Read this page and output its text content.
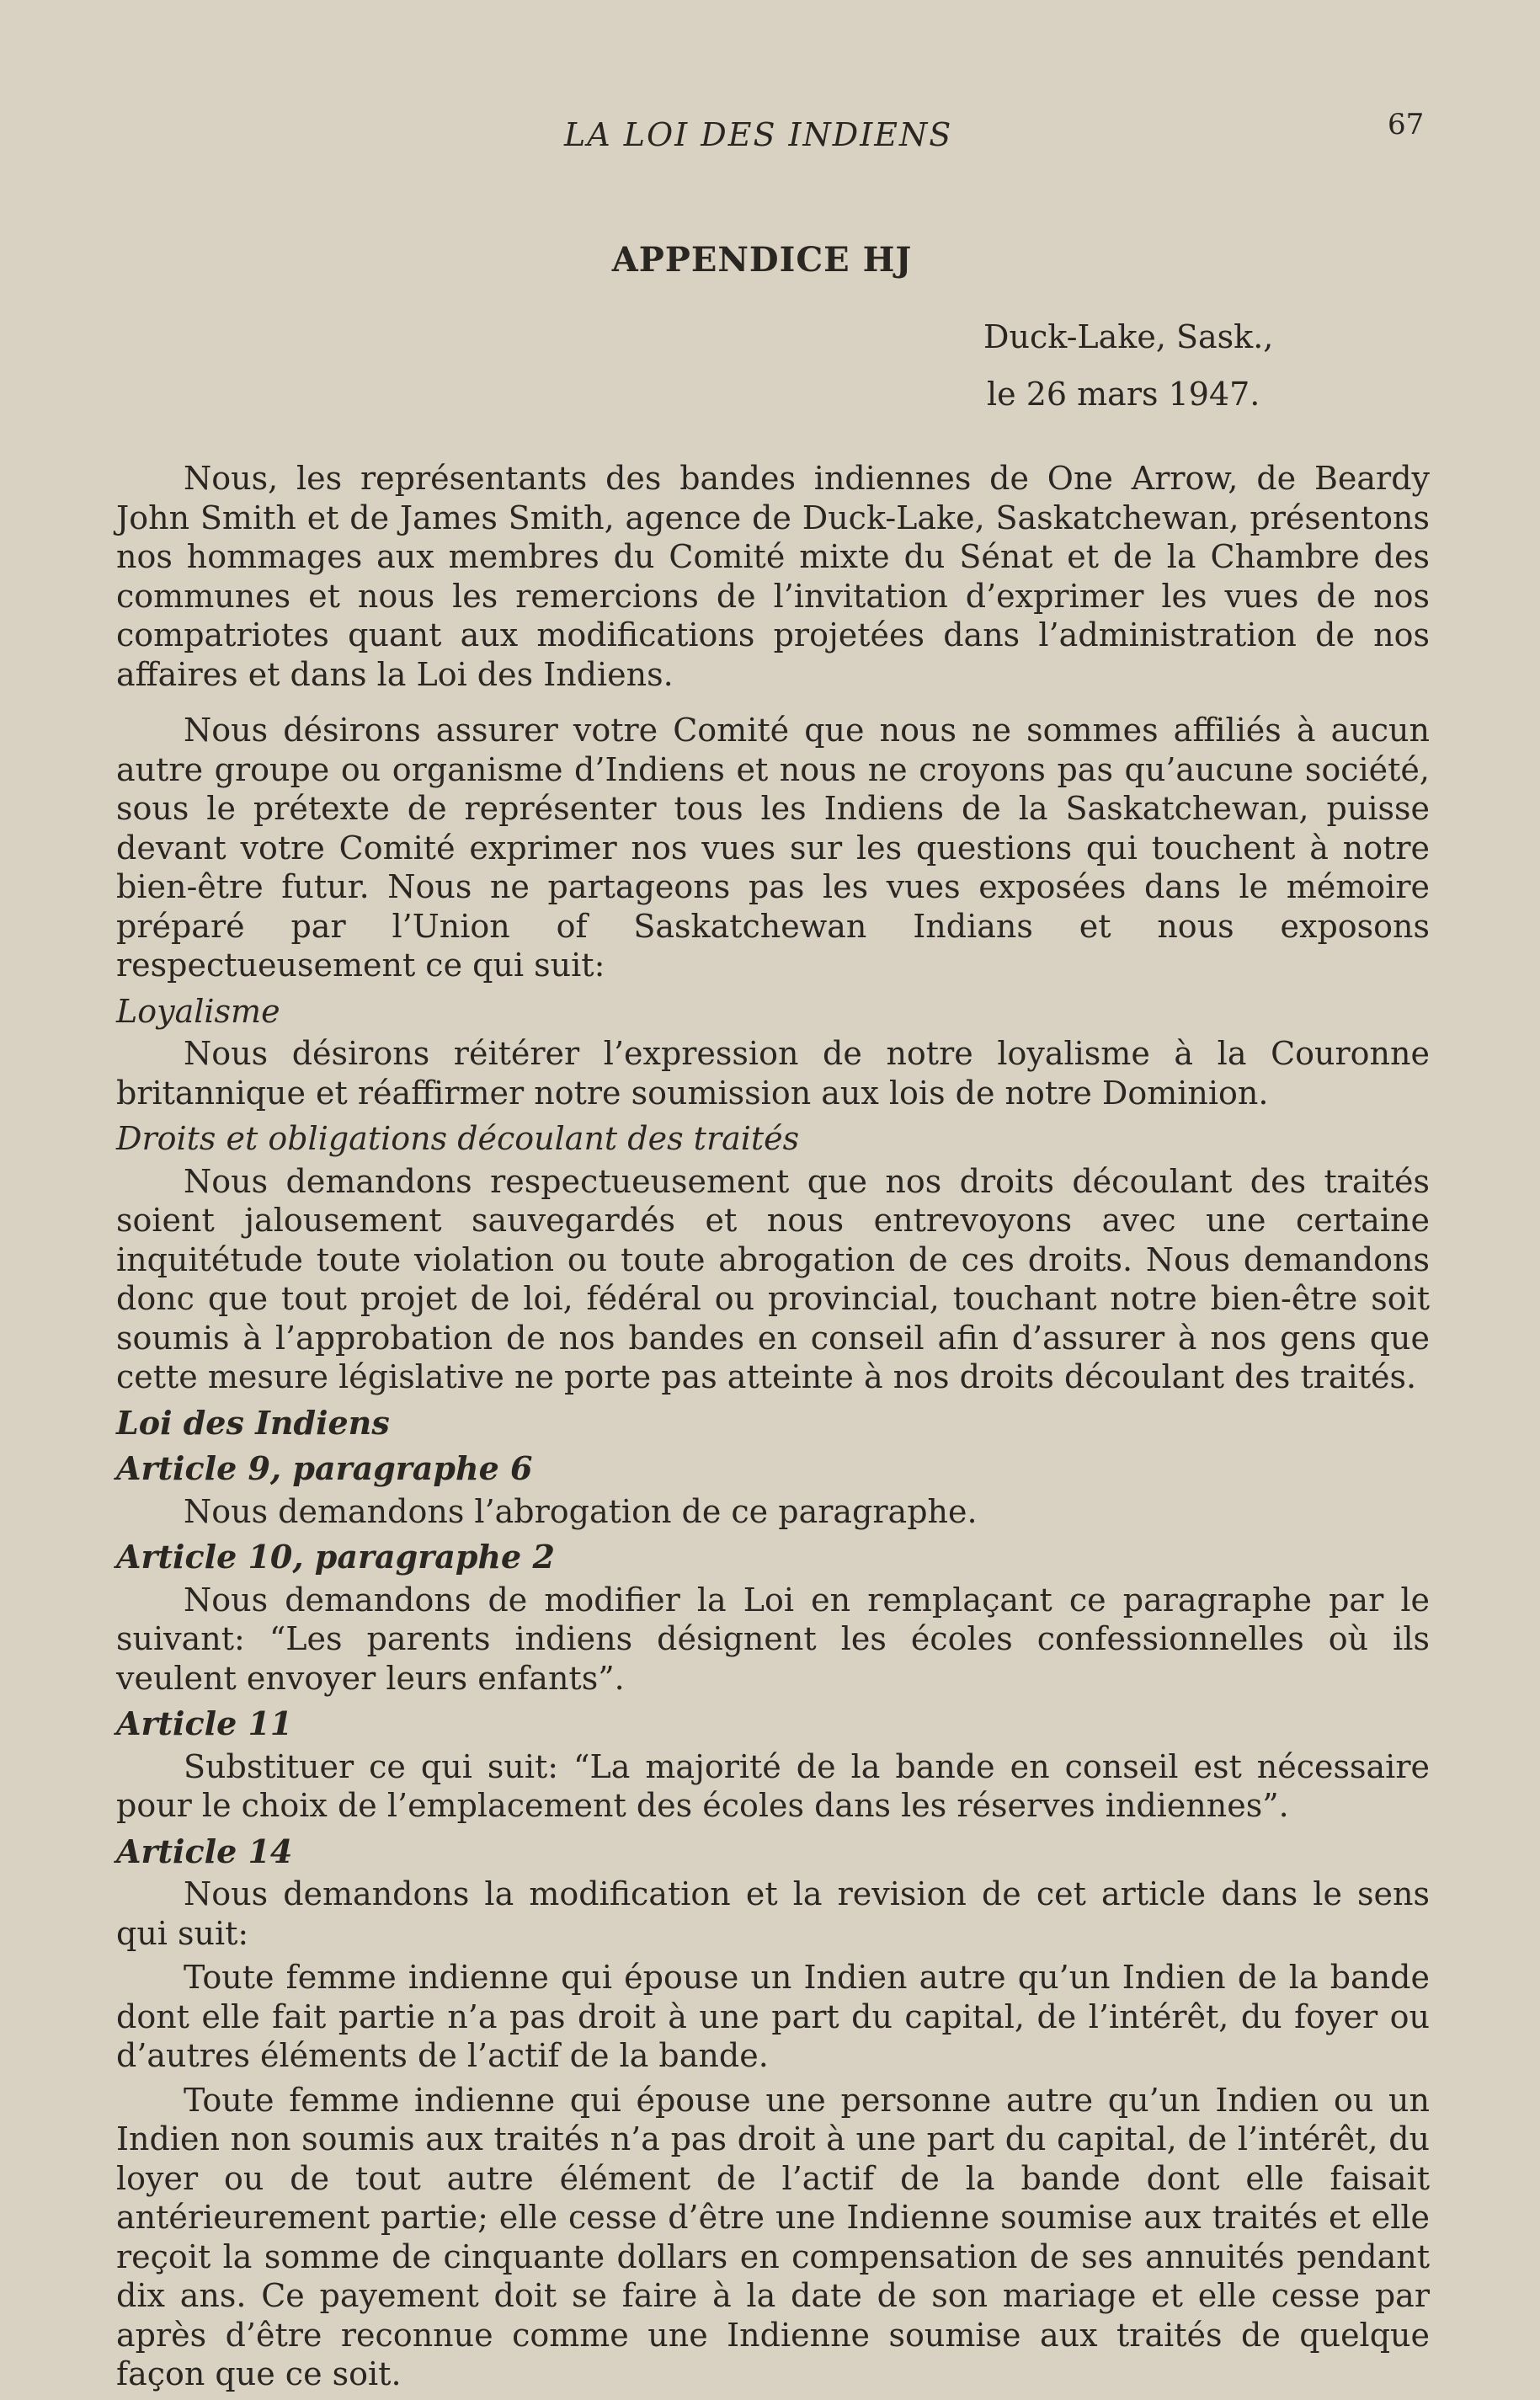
LA LOI DES INDIENS	67
APPENDICE HJ
Duck-Lake, Sask.,
le 26 mars 1947.

Nous, les représentants des bandes indiennes de One Arrow, de Beardy John Smith et de James Smith, agence de Duck-Lake, Saskatchewan, présentons nos hommages aux membres du Comité mixte du Sénat et de la Chambre des communes et nous les remercions de l’invitation d’exprimer les vues de nos compatriotes quant aux modifications projetées dans l’administration de nos affaires et dans la Loi des Indiens.

Nous désirons assurer votre Comité que nous ne sommes affiliés à aucun autre groupe ou organisme d’Indiens et nous ne croyons pas qu’aucune société, sous le prétexte de représenter tous les Indiens de la Saskatchewan, puisse devant votre Comité exprimer nos vues sur les questions qui touchent à notre bien-être futur. Nous ne partageons pas les vues exposées dans le mémoire préparé par l’Union of Saskatchewan Indians et nous exposons respectueusement ce qui suit:

Loyalisme

Nous désirons réitérer l’expression de notre loyalisme à la Couronne britannique et réaffirmer notre soumission aux lois de notre Dominion.

Droits et obligations découlant des traités

Nous demandons respectueusement que nos droits découlant des traités soient jalousement sauvegardés et nous entrevoyons avec une certaine inquitétude toute violation ou toute abrogation de ces droits. Nous demandons donc que tout projet de loi, fédéral ou provincial, touchant notre bien-être soit soumis à l’approbation de nos bandes en conseil afin d’assurer à nos gens que cette mesure législative ne porte pas atteinte à nos droits découlant des traités.

Loi des Indiens
Article 9, paragraphe 6

Nous demandons l’abrogation de ce paragraphe.

Article 10, paragraphe 2

Nous demandons de modifier la Loi en remplaçant ce paragraphe par le suivant: “Les parents indiens désignent les écoles confessionnelles où ils veulent envoyer leurs enfants”.

Article 11

Substituer ce qui suit: “La majorité de la bande en conseil est nécessaire pour le choix de l’emplacement des écoles dans les réserves indiennes”.

Article 14

Nous demandons la modification et la revision de cet article dans le sens qui suit:

Toute femme indienne qui épouse un Indien autre qu’un Indien de la bande dont elle fait partie n’a pas droit à une part du capital, de l’intérêt, du foyer ou d’autres éléments de l’actif de la bande.

Toute femme indienne qui épouse une personne autre qu’un Indien ou un Indien non soumis aux traités n’a pas droit à une part du capital, de l’intérêt, du loyer ou de tout autre élément de l’actif de la bande dont elle faisait antérieurement partie; elle cesse d’être une Indienne soumise aux traités et elle reçoit la somme de cinquante dollars en compensation de ses annuités pendant dix ans. Ce payement doit se faire à la date de son mariage et elle cesse par après d’être reconnue comme une Indienne soumise aux traités de quelque façon que ce soit.
